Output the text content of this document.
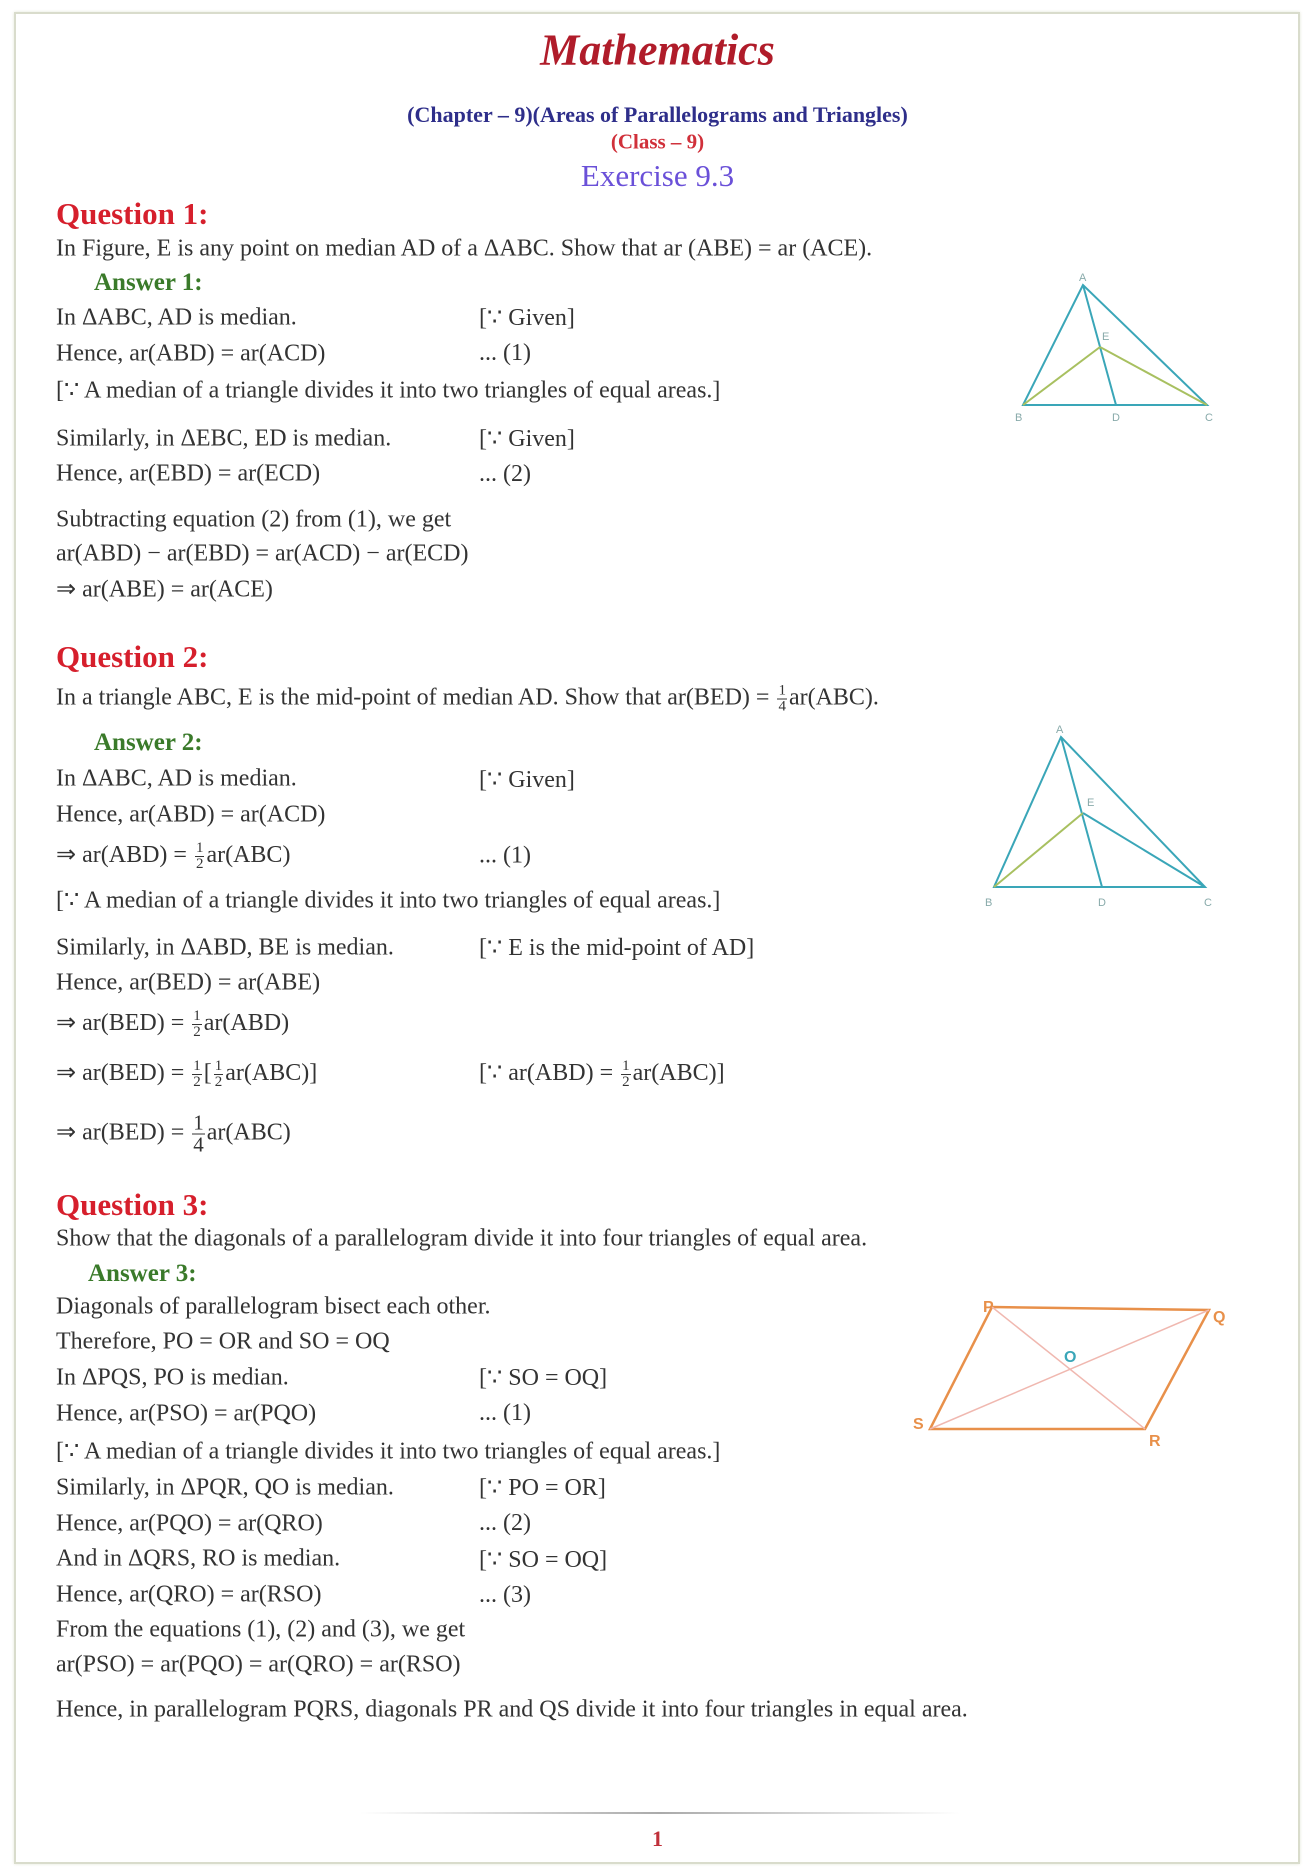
Mathematics
(Chapter – 9)(Areas of Parallelograms and Triangles)
(Class – 9)
Exercise 9.3
Question 1:
In Figure, E is any point on median AD of a ΔABC. Show that ar (ABE) = ar (ACE).
Answer 1:
In ΔABC, AD is median.	[∵ Given]
Hence, ar(ABD) = ar(ACD)	... (1)
[∵ A median of a triangle divides it into two triangles of equal areas.]
Similarly, in ΔEBC, ED is median.	[∵ Given]
Hence, ar(EBD) = ar(ECD)	... (2)
Subtracting equation (2) from (1), we get
ar(ABD) − ar(EBD) = ar(ACD) − ar(ECD)
⇒ ar(ABE) = ar(ACE)
Question 2:
In a triangle ABC, E is the mid-point of median AD. Show that $ar(BED) = \frac{1}{4} ar(ABC)$.
Answer 2:
In ΔABC, AD is median.	[∵ Given]
Hence, ar(ABD) = ar(ACD)
⇒ $ar(ABD) = \frac{1}{2} ar(ABC)$	... (1)
[∵ A median of a triangle divides it into two triangles of equal areas.]
Similarly, in ΔABD, BE is median.	[∵ E is the mid-point of AD]
Hence, ar(BED) = ar(ABE)
⇒ $ar(BED) = \frac{1}{2} ar(ABD)$
⇒ $ar(BED) = \frac{1}{2}$ [ $\frac{1}{2} ar(ABC)$]	[∵ $ar(ABD) = \frac{1}{2} ar(ABC)$]
⇒ $ar(BED) = \frac{1}{4} ar(ABC)$
Question 3:
Show that the diagonals of a parallelogram divide it into four triangles of equal area.
Answer 3:
Diagonals of parallelogram bisect each other.
Therefore, PO = OR and SO = OQ
In ΔPQS, PO is median.	[∵ SO = OQ]
Hence, ar(PSO) = ar(PQO)	... (1)
[∵ A median of a triangle divides it into two triangles of equal areas.]
Similarly, in ΔPQR, QO is median.	[∵ PO = OR]
Hence, ar(PQO) = ar(QRO)	... (2)
And in ΔQRS, RO is median.	[∵ SO = OQ]
Hence, ar(QRO) = ar(RSO)	... (3)
From the equations (1), (2) and (3), we get
ar(PSO) = ar(PQO) = ar(QRO) = ar(RSO)
Hence, in parallelogram PQRS, diagonals PR and QS divide it into four triangles in equal area.
A
B	C
D
E
A
B	C
D
E
P
Q
R
S
O
1
